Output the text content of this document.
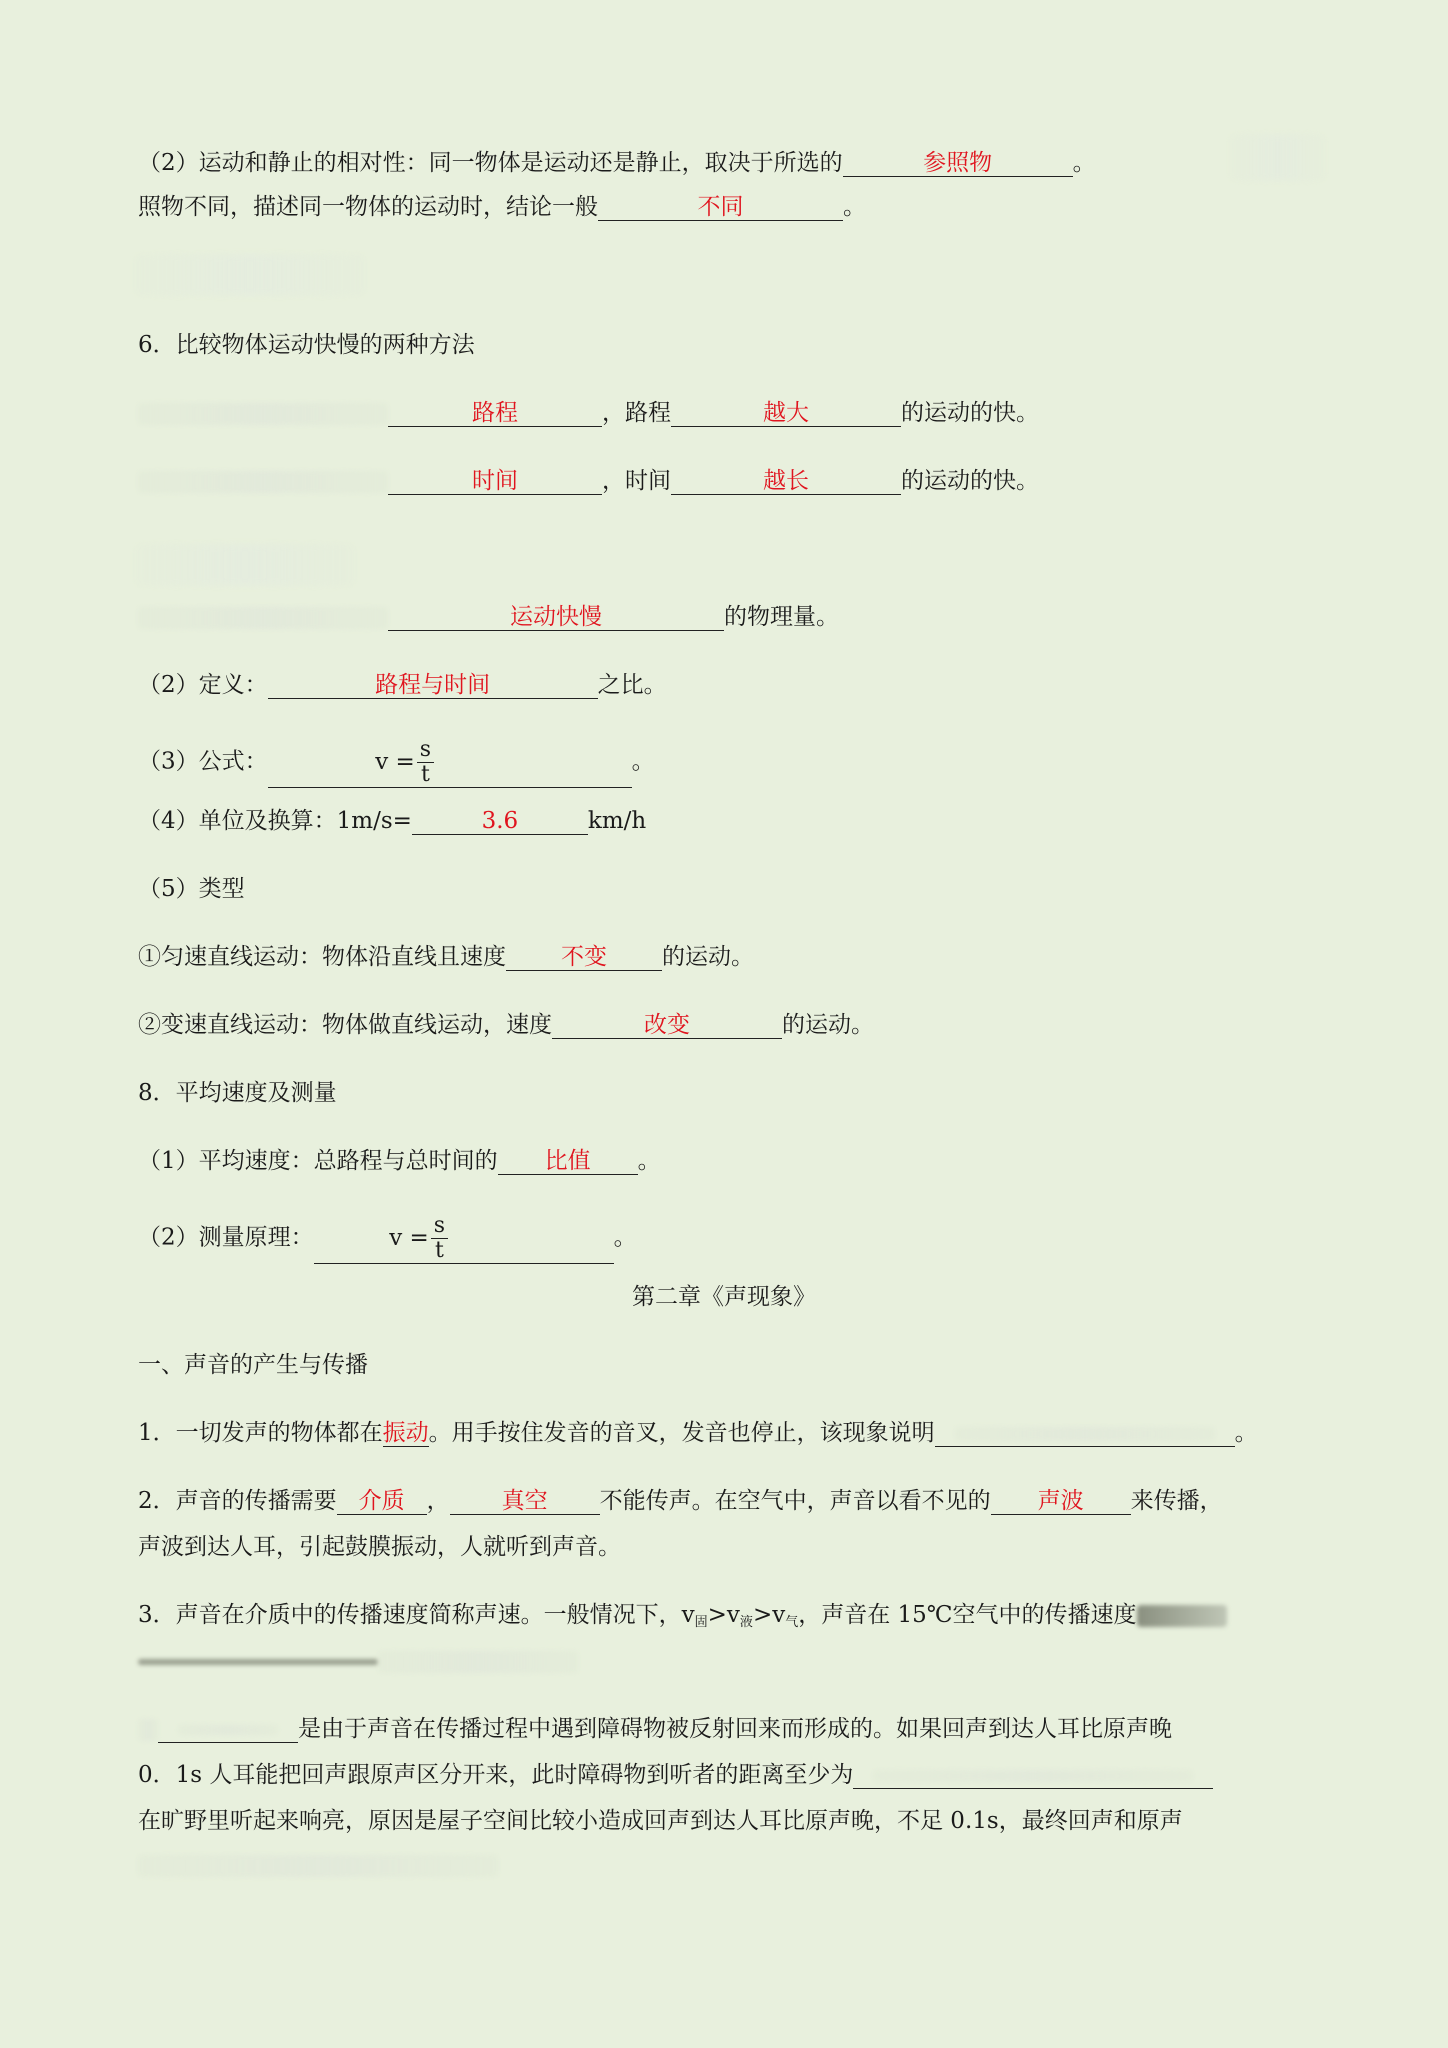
（2）运动和静止的相对性：同一物体是运动还是静止，取决于所选的	参照物	。
照物不同，描述同一物体的运动时，结论一般	不同	。
6．比较物体运动快慢的两种方法
路程	，路程	越大	的运动的快。
时间	，时间	越长	的运动的快。
运动快慢	的物理量。
（2）定义：	路程与时间	之比。
（3）公式：	$v = \frac{s}{t}$	。
（4）单位及换算：1m/s=	3.6	km/h
（5）类型
①匀速直线运动：物体沿直线且速度 不变 的运动。
②变速直线运动：物体做直线运动，速度	改变	的运动。
8．平均速度及测量
（1）平均速度：总路程与总时间的 比值 。
（2）测量原理：	$v = \frac{s}{t}$	。
第二章《声现象》
一、声音的产生与传播
1．一切发声的物体都在振动。用手按住发音的音叉，发音也停止，该现象说明	。
2．声音的传播需要 介质 ， 真空 不能传声。在空气中，声音以看不见的 声波 来传播，
声波到达人耳，引起鼓膜振动，人就听到声音。
3．声音在介质中的传播速度简称声速。一般情况下，$v_固>v_液>v_气$，声音在 15℃空气中的传播速度
是由于声音在传播过程中遇到障碍物被反射回来而形成的。如果回声到达人耳比原声晚
0．1s 人耳能把回声跟原声区分开来，此时障碍物到听者的距离至少为
在旷野里听起来响亮，原因是屋子空间比较小造成回声到达人耳比原声晚，不足 0.1s，最终回声和原声
